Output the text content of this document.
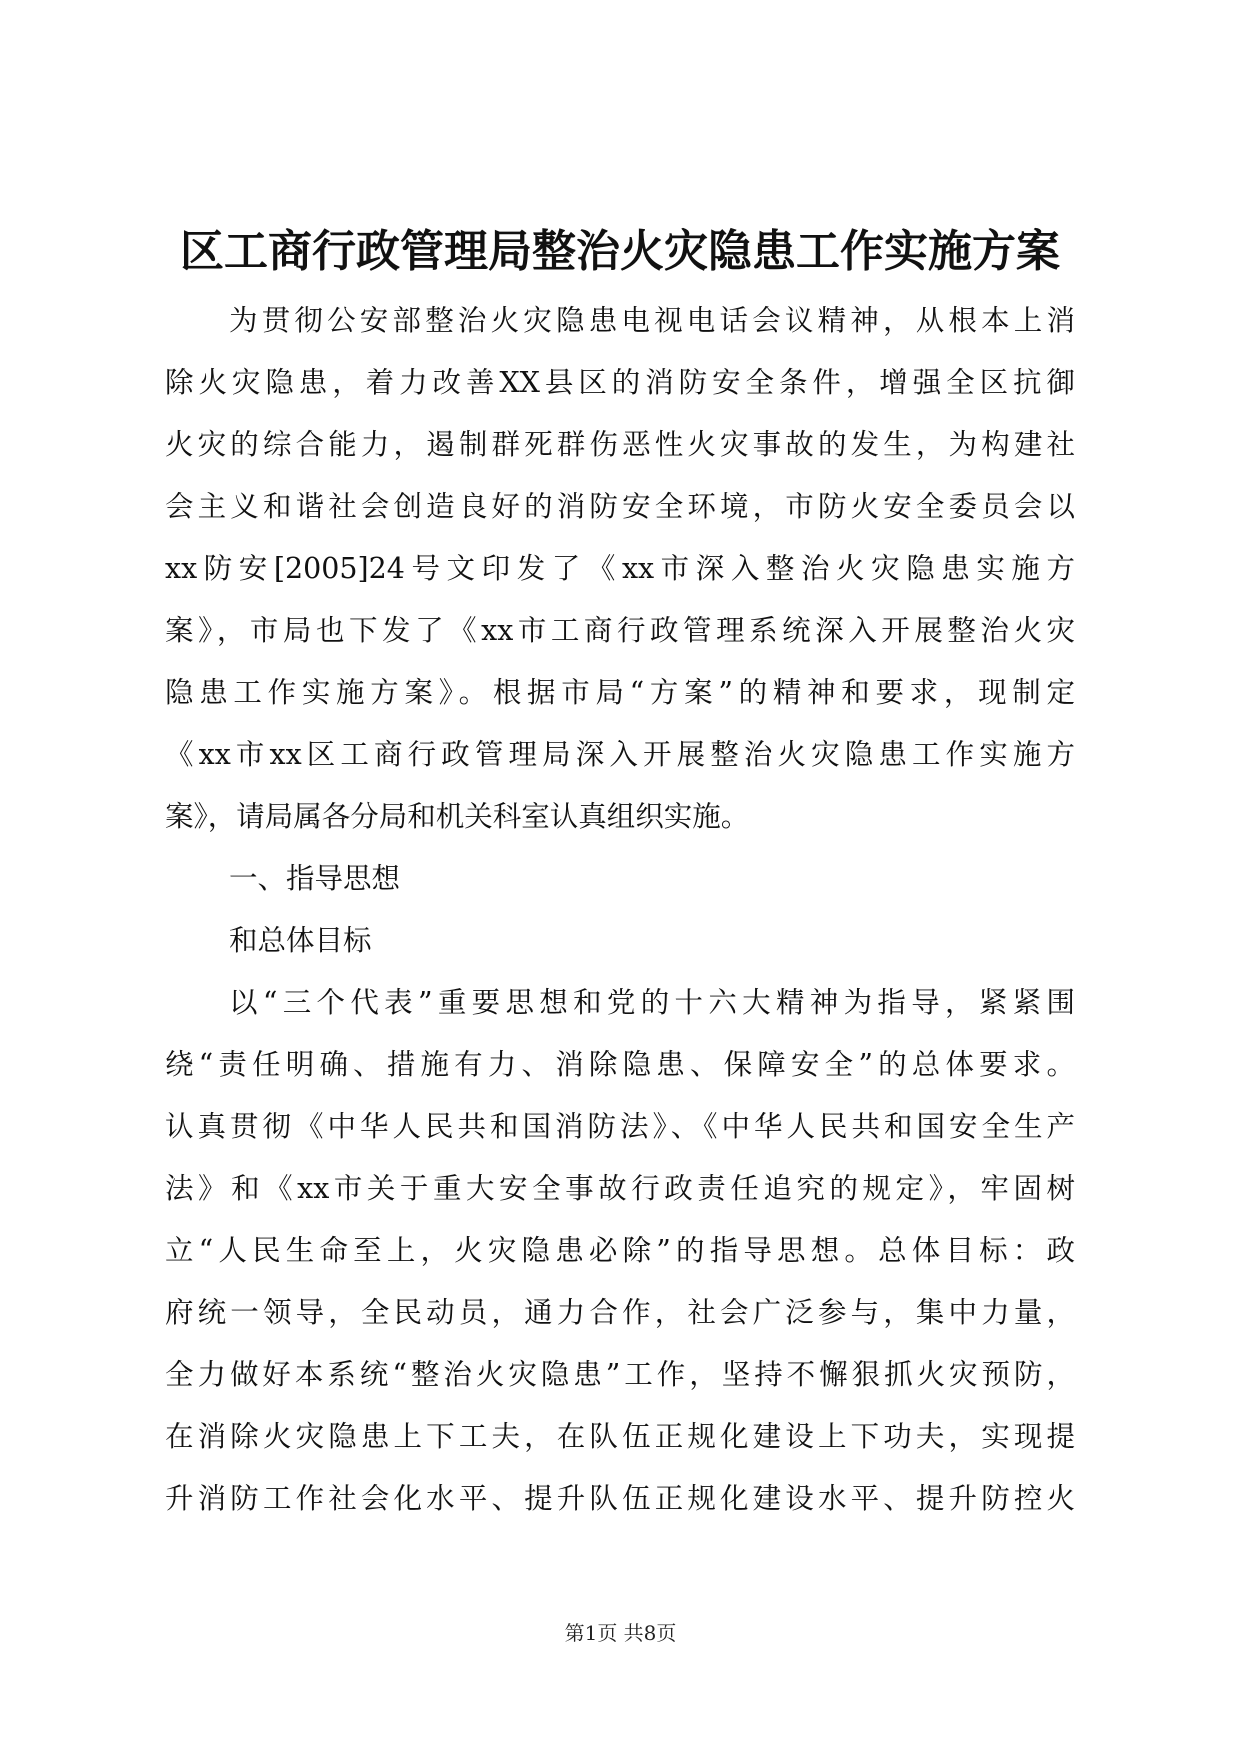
区工商行政管理局整治火灾隐患工作实施方案
为贯彻公安部整治火灾隐患电视电话会议精神，从根本上消
除火灾隐患，着力改善XX县区的消防安全条件，增强全区抗御
火灾的综合能力，遏制群死群伤恶性火灾事故的发生，为构建社
会主义和谐社会创造良好的消防安全环境，市防火安全委员会以
xx防安[2005]24号文印发了《xx市深入整治火灾隐患实施方
案》，市局也下发了《xx市工商行政管理系统深入开展整治火灾
隐患工作实施方案》。根据市局“方案”的精神和要求，现制定
《xx市xx区工商行政管理局深入开展整治火灾隐患工作实施方
案》，请局属各分局和机关科室认真组织实施。
一、指导思想
和总体目标
以“三个代表”重要思想和党的十六大精神为指导，紧紧围
绕“责任明确、措施有力、消除隐患、保障安全”的总体要求。
认真贯彻《中华人民共和国消防法》、《中华人民共和国安全生产
法》和《xx市关于重大安全事故行政责任追究的规定》，牢固树
立“人民生命至上，火灾隐患必除”的指导思想。总体目标：政
府统一领导，全民动员，通力合作，社会广泛参与，集中力量，
全力做好本系统“整治火灾隐患”工作，坚持不懈狠抓火灾预防，
在消除火灾隐患上下工夫，在队伍正规化建设上下功夫，实现提
升消防工作社会化水平、提升队伍正规化建设水平、提升防控火
第1页 共8页
